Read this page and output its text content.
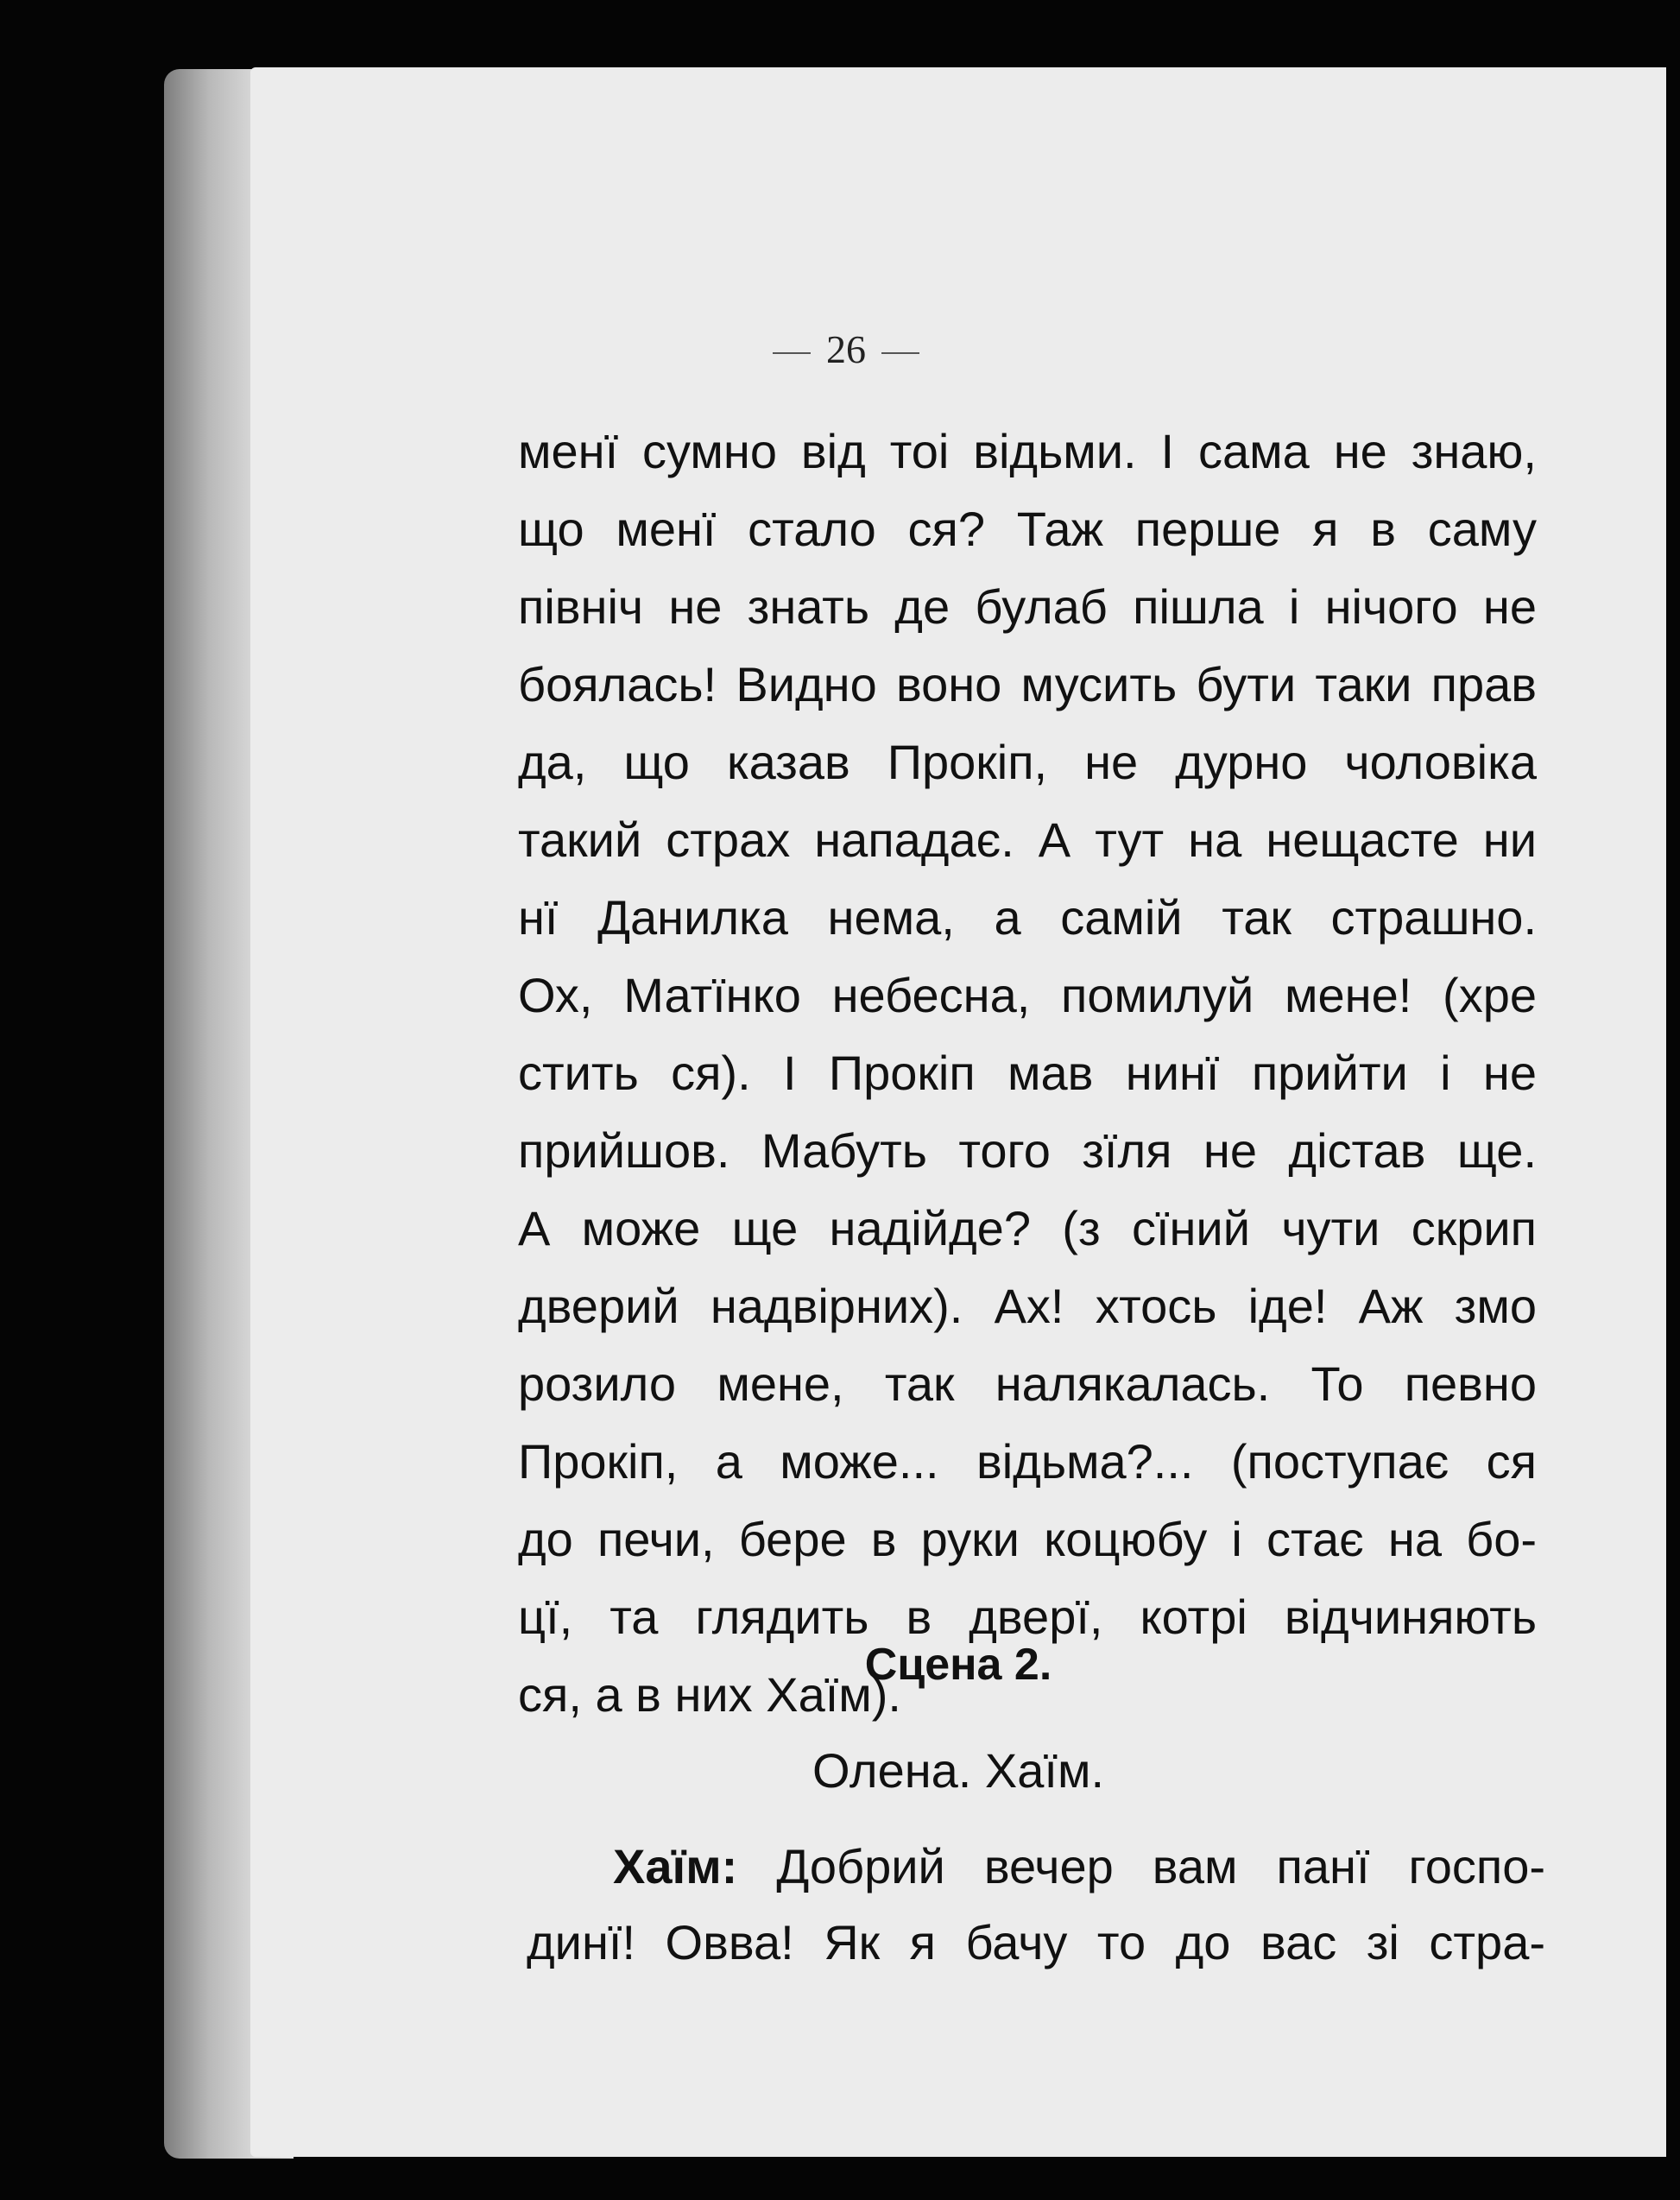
26
менї сумно від тоі відьми. І сама не знаю,
що менї стало ся? Таж перше я в саму
північ не знать де булаб пішла і нічого не
боялась! Видно воно мусить бути таки прав
да, що казав Прокіп, не дурно чоловіка
такий страх нападає. А тут на нещасте ни
нї Данилка нема, а самій так страшно.
Ох, Матїнко небесна, помилуй мене! (хре
стить ся). І Прокіп мав нинї прийти і не
прийшов. Мабуть того зїля не дістав ще.
А може ще надійде? (з сїний чути скрип
дверий надвірних). Ах! хтось іде! Аж змо
розило мене, так налякалась. То певно
Прокіп, а може... відьма?... (поступає ся
до печи, бере в руки коцюбу і стає на бо-
цї, та глядить в дверї, котрі відчиняють
ся, а в них Хаїм).
Сцена 2.
Олена. Хаїм.
Хаїм: Добрий вечер вам панї госпо-
динї! Овва! Як я бачу то до вас зі стра-
